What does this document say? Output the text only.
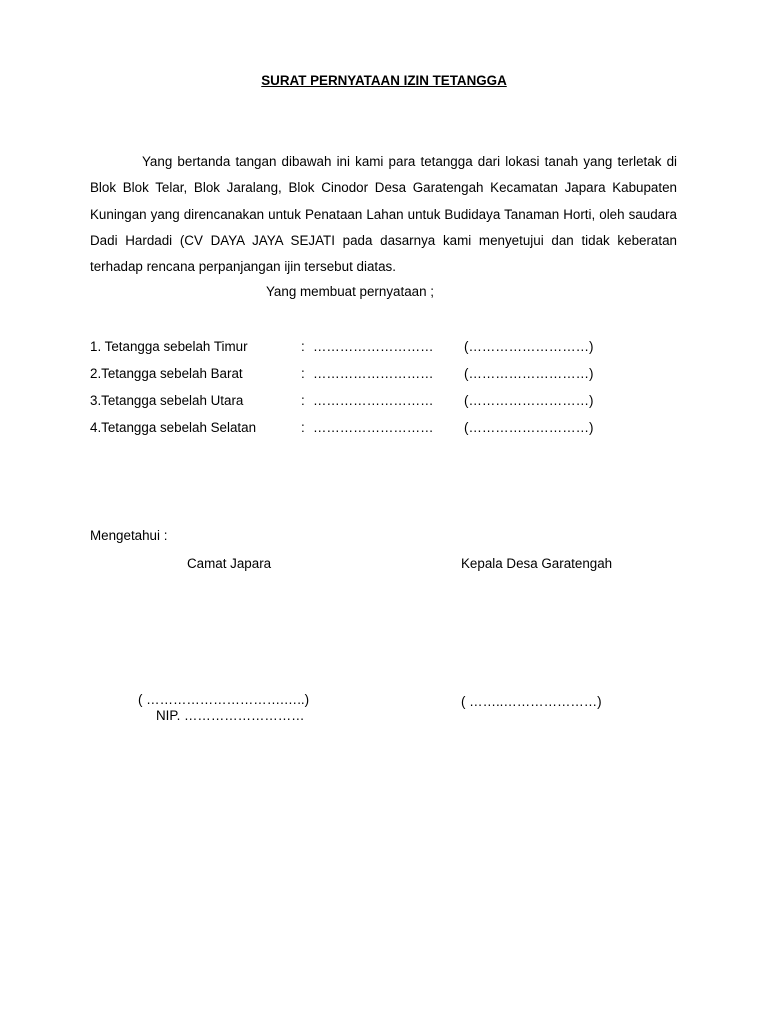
SURAT PERNYATAAN IZIN TETANGGA

Yang bertanda tangan dibawah ini kami para tetangga dari lokasi tanah yang terletak di Blok Blok Telar, Blok Jaralang, Blok Cinodor Desa Garatengah Kecamatan Japara Kabupaten Kuningan yang direncanakan untuk Penataan Lahan untuk Budidaya Tanaman Horti, oleh saudara Dadi Hardadi (CV DAYA JAYA SEJATI pada dasarnya kami menyetujui dan tidak keberatan terhadap rencana perpanjangan ijin tersebut diatas.

Yang membuat pernyataan ;
1. Tetangga sebelah Timur	: ……………………… (………………………)
2.Tetangga sebelah Barat	: ……………………… (………………………)
3.Tetangga sebelah Utara	: ……………………… (………………………)
4.Tetangga sebelah Selatan	: ……………………… (………………………)
Mengetahui :
Camat Japara	Kepala Desa Garatengah
( ………………………….…..)
NIP. ………………………
( ……..…………………)
